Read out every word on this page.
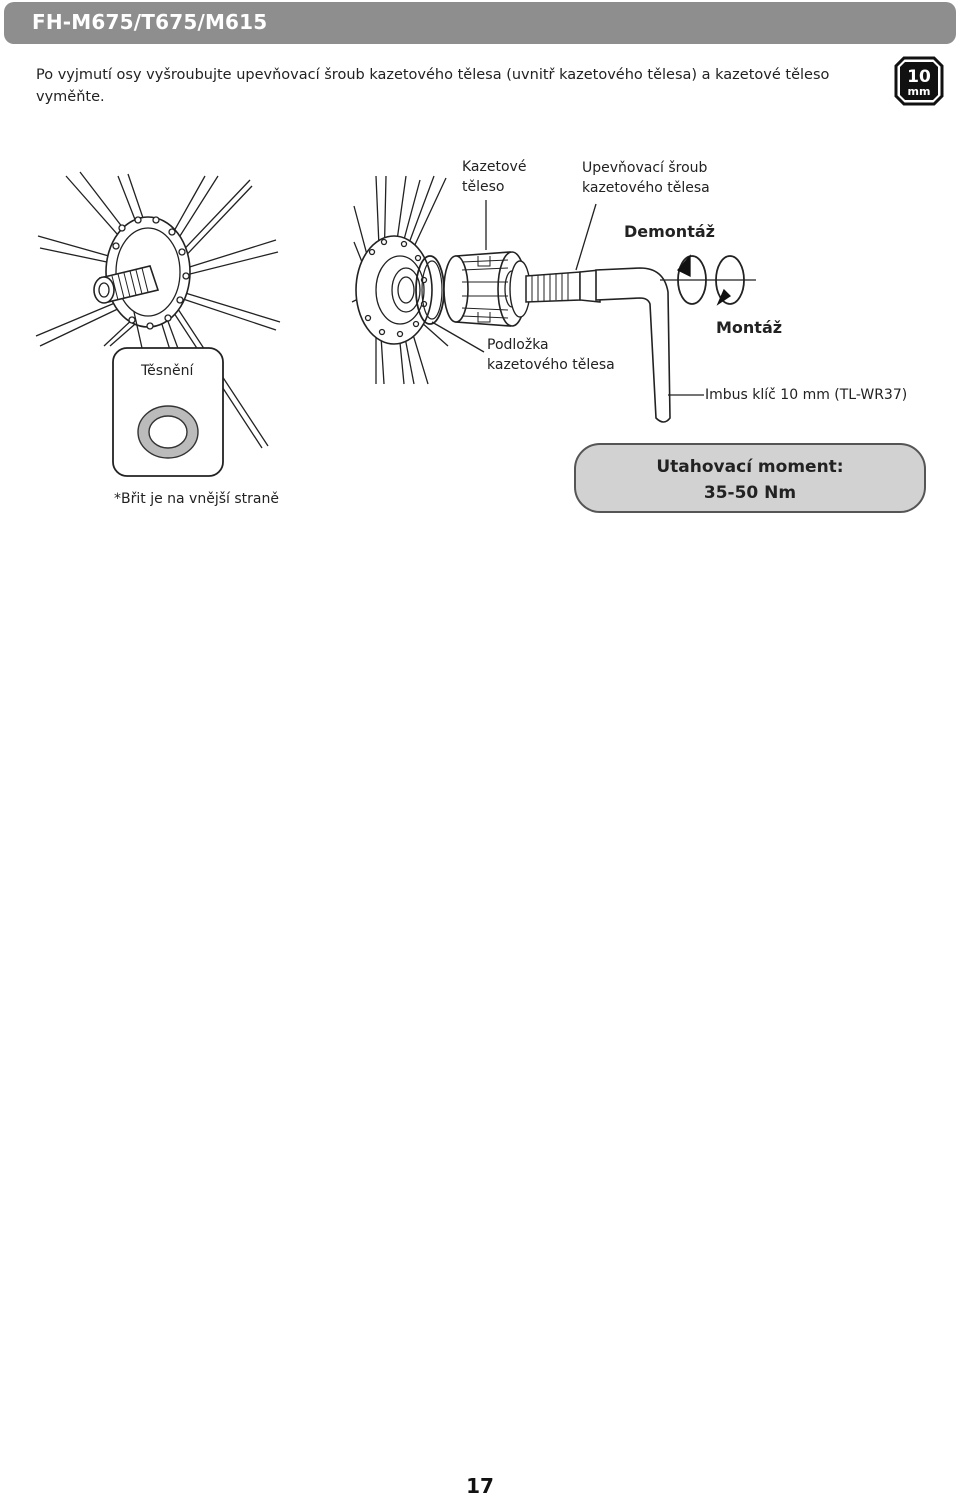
FH-M675/T675/M615
Po vyjmutí osy vyšroubujte upevňovací šroub kazetového tělesa (uvnitř kazetového tělesa) a kazetové těleso vyměňte.
10
mm
Těsnění
*Břit je na vnější straně
Kazetové
těleso
Upevňovací šroub
kazetového tělesa
Demontáž
Montáž
Podložka
kazetového tělesa
Imbus klíč 10 mm (TL-WR37)
Utahovací moment:
35-50 Nm
17
